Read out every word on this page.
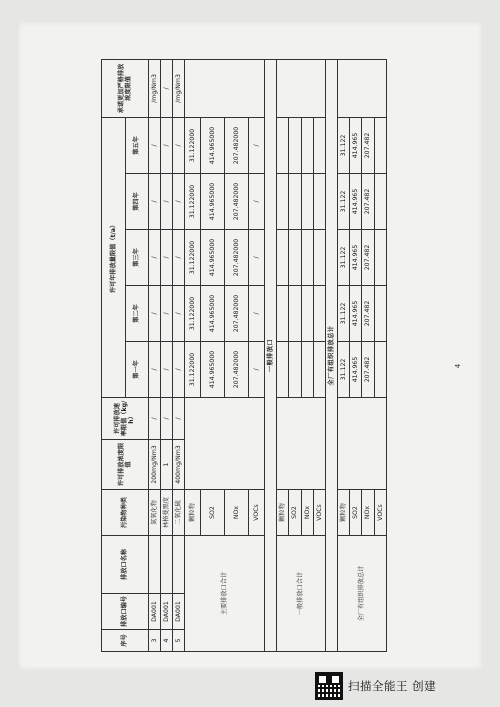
序号	排放口编号	排放口名称	污染物种类	许可排放浓度限值	许可排放速率限值（kg/h）	许可年排放量限值（t/a）					承诺更加严格排放浓度限值
						第一年	第二年	第三年	第四年	第五年	
3	DA001		氮氧化物	200mg/Nm3	/	/	/	/	/	/	/mg/Nm3
4	DA001		林格曼黑度	1	/	/	/	/	/	/	/
5	DA001		二氧化硫	400mg/Nm3	/	/	/	/	/	/	/mg/Nm3
主要排放口合计			颗粒物			31.122000	31.122000	31.122000	31.122000	31.122000	
			SO2			414.965000	414.965000	414.965000	414.965000	414.965000	
			NOx			207.482000	207.482000	207.482000	207.482000	207.482000	
			VOCs			/	/	/	/	/	
一般排放口											
一般排放口合计			颗粒物								
			SO2								
			NOx								
			VOCs								
全厂有组织排放总计											
全厂有组织排放总计			颗粒物			31.122	31.122	31.122	31.122	31.122	
			SO2			414.965	414.965	414.965	414.965	414.965	
			NOx			207.482	207.482	207.482	207.482	207.482	
			VOCs								
4
扫描全能王 创建
